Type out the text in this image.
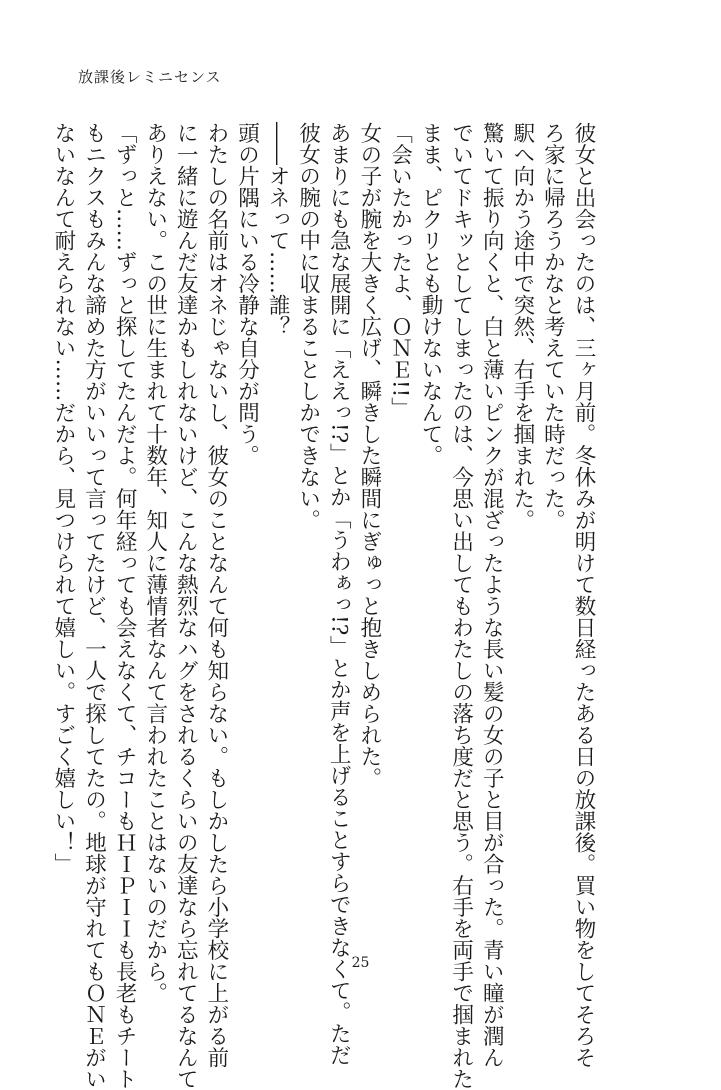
放課後レミニセンス

彼女と出会ったのは、三ヶ月前。冬休みが明けて数日経ったある日の放課後。買い物をしてそろそ

ろ家に帰ろうかなと考えていた時だった。

駅へ向かう途中で突然、右手を掴まれた。

驚いて振り向くと、白と薄いピンクが混ざったような長い髪の女の子と目が合った。青い瞳が潤ん

でいてドキッとしてしまったのは、今思い出してもわたしの落ち度だと思う。右手を両手で掴まれた

まま、ピクリとも動けないなんて。

「会いたかったよ、ＯＮＥ!!」

女の子が腕を大きく広げ、瞬きした瞬間にぎゅっと抱きしめられた。

あまりにも急な展開に「ええっ!?」とか「うわぁっ!?」とか声を上げることすらできなくて。ただ

彼女の腕の中に収まることしかできない。

――オネって……誰？

頭の片隅にいる冷静な自分が問う。

わたしの名前はオネじゃないし、彼女のことなんて何も知らない。もしかしたら小学校に上がる前

に一緒に遊んだ友達かもしれないけど、こんな熱烈なハグをされるくらいの友達なら忘れてるなんて

ありえない。この世に生まれて十数年、知人に薄情者なんて言われたことはないのだから。

「ずっと……ずっと探してたんだよ。何年経っても会えなくて、チコーもＨＩＰＩＩも長老もチート

もニクスもみんな諦めた方がいいって言ってたけど、一人で探してたの。地球が守れてもＯＮＥがい

ないなんて耐えられない……だから、見つけられて嬉しい。すごく嬉しい！」

25
